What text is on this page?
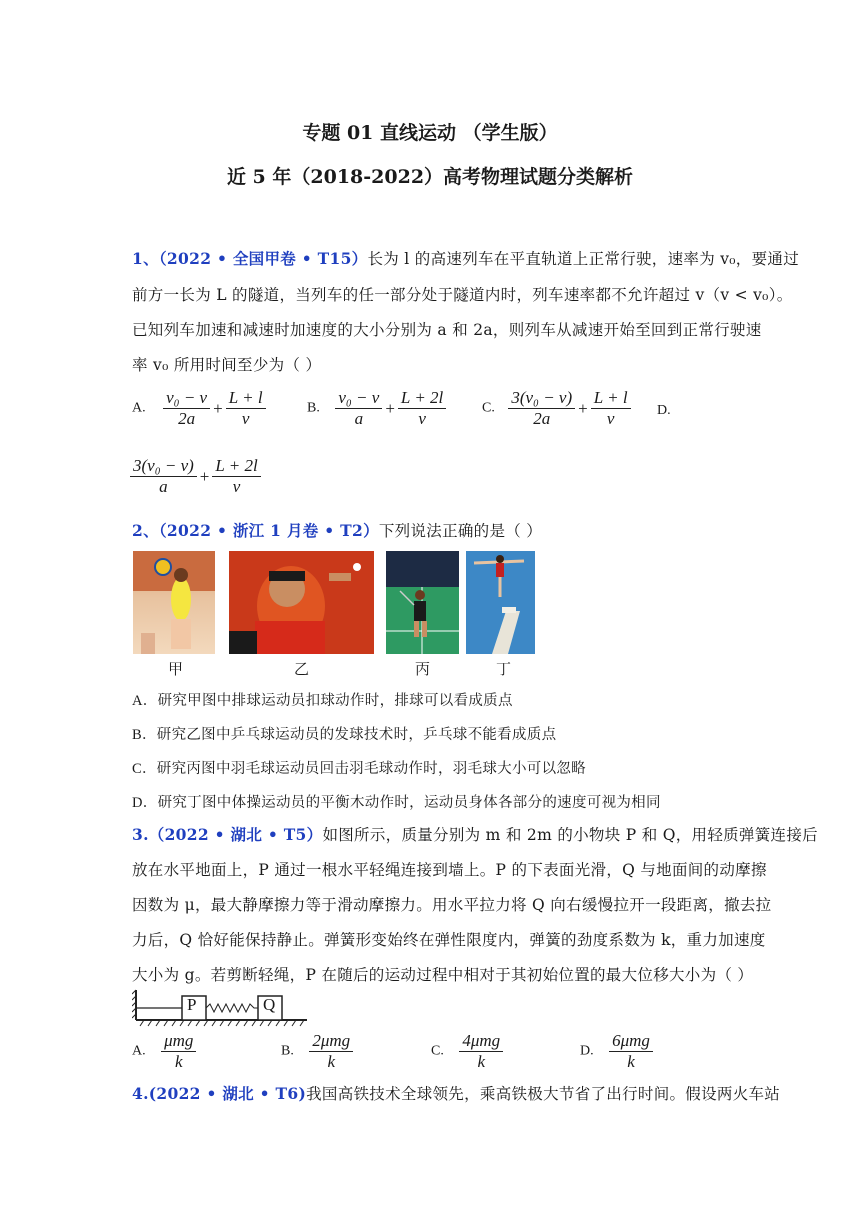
专题 01 直线运动 （学生版）
近 5 年（2018-2022）高考物理试题分类解析
1、（2022 • 全国甲卷 • T15）长为 l 的高速列车在平直轨道上正常行驶，速率为 v₀，要通过
前方一长为 L 的隧道，当列车的任一部分处于隧道内时，列车速率都不允许超过 v（v < v₀）。
已知列车加速和减速时加速度的大小分别为 a 和 2a，则列车从减速开始至回到正常行驶速
率 v₀ 所用时间至少为（ ）
A. $\frac{\text{v₀ − v}}{2a} + \frac{L + l}{v}$	B. $\frac{\text{v₀ − v}}{a} + \frac{L + 2l}{v}$	C. $\frac{\text{3(v₀ − v)}}{2a} + \frac{L + l}{v} D$.
$\frac{\text{3(v₀ − v)}}{a} + \frac{L + 2l}{v}$
2、（2022 • 浙江 1 月卷 • T2）下列说法正确的是（ ）
甲	乙	丙	丁
A．研究甲图中排球运动员扣球动作时，排球可以看成质点
B．研究乙图中乒乓球运动员的发球技术时，乒乓球不能看成质点
C．研究丙图中羽毛球运动员回击羽毛球动作时，羽毛球大小可以忽略
D．研究丁图中体操运动员的平衡木动作时，运动员身体各部分的速度可视为相同
3.（2022 • 湖北 • T5）如图所示，质量分别为 m 和 2m 的小物块 P 和 Q，用轻质弹簧连接后
放在水平地面上，P 通过一根水平轻绳连接到墙上。P 的下表面光滑，Q 与地面间的动摩擦
因数为 μ，最大静摩擦力等于滑动摩擦力。用水平拉力将 Q 向右缓慢拉开一段距离，撤去拉
力后，Q 恰好能保持静止。弹簧形变始终在弹性限度内，弹簧的劲度系数为 k，重力加速度
大小为 g。若剪断轻绳，P 在随后的运动过程中相对于其初始位置的最大位移大小为（ ）
P	Q
A. $\frac{\text{μmg}}{k}$	B. $\frac{\text{2μmg}}{k}$	C. $\frac{\text{4μmg}}{k}$	D. $\frac{\text{6μmg}}{k}$
4.(2022 • 湖北 • T6)我国高铁技术全球领先，乘高铁极大节省了出行时间。假设两火车站
